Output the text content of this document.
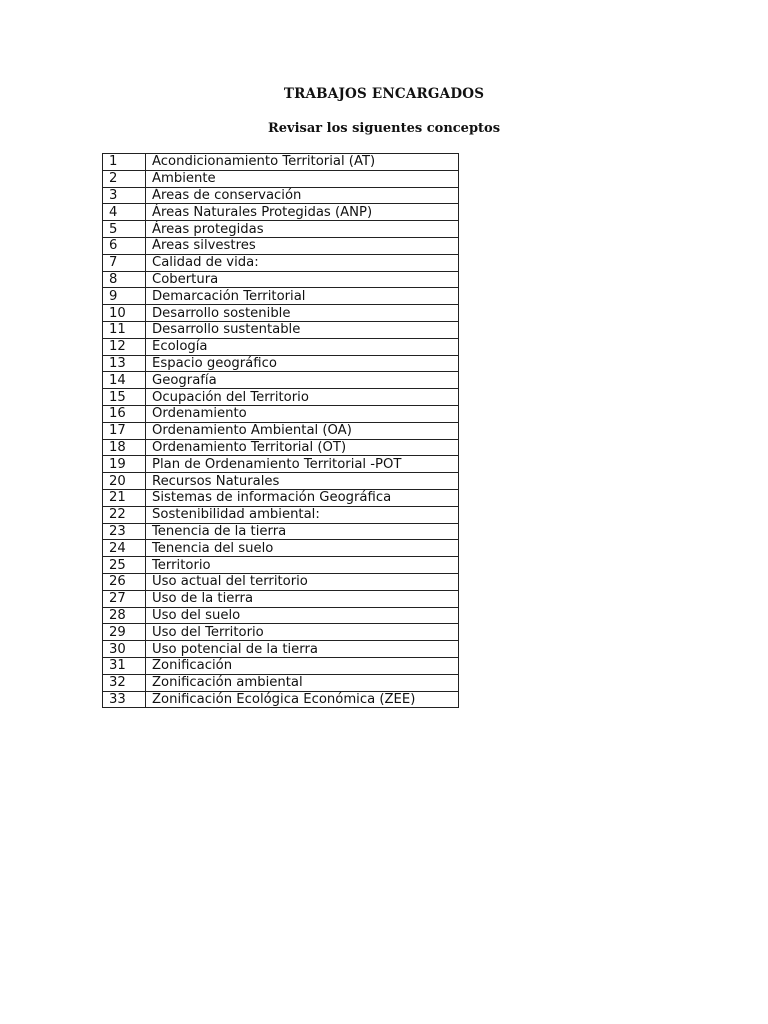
TRABAJOS ENCARGADOS
Revisar los siguentes conceptos
1	Acondicionamiento Territorial (AT)
2	Ambiente
3	Áreas de conservación
4	Áreas Naturales Protegidas (ANP)
5	Áreas protegidas
6	Áreas silvestres
7	Calidad de vida:
8	Cobertura
9	Demarcación Territorial
10	Desarrollo sostenible
11	Desarrollo sustentable
12	Ecología
13	Espacio geográfico
14	Geografía
15	Ocupación del Territorio
16	Ordenamiento
17	Ordenamiento Ambiental (OA)
18	Ordenamiento Territorial (OT)
19	Plan de Ordenamiento Territorial -POT
20	Recursos Naturales
21	Sistemas de información Geográfica
22	Sostenibilidad ambiental:
23	Tenencia de la tierra
24	Tenencia del suelo
25	Territorio
26	Uso actual del territorio
27	Uso de la tierra
28	Uso del suelo
29	Uso del Territorio
30	Uso potencial de la tierra
31	Zonificación
32	Zonificación ambiental
33	Zonificación Ecológica Económica (ZEE)
